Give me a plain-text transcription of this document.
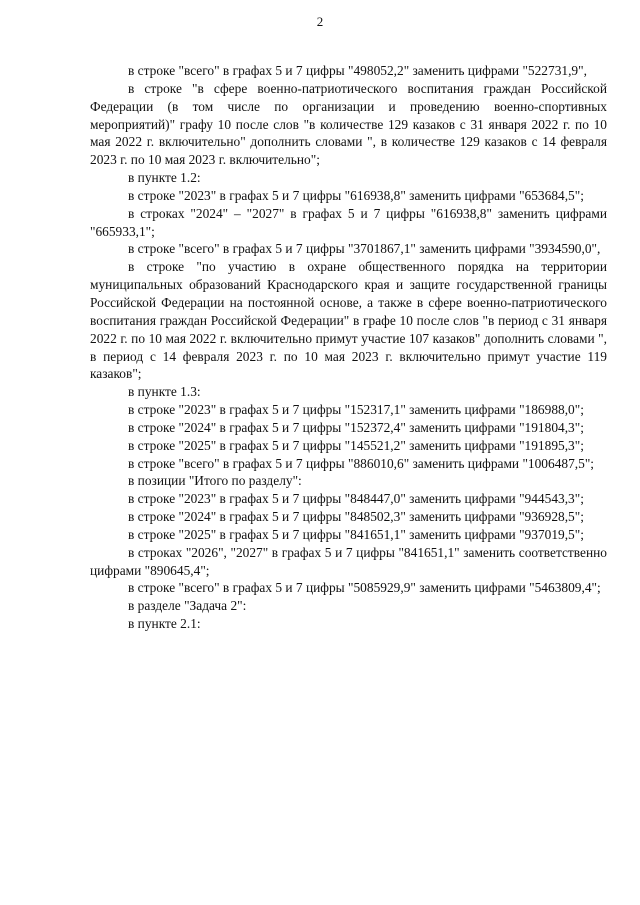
2

в строке "всего" в графах 5 и 7 цифры "498052,2" заменить цифрами "522731,9",

в строке "в сфере военно-патриотического воспитания граждан Российской Федерации (в том числе по организации и проведению военно-спортивных мероприятий)" графу 10 после слов "в количестве 129 казаков с 31 января 2022 г. по 10 мая 2022 г. включительно" дополнить словами ", в количестве 129 казаков с 14 февраля 2023 г. по 10 мая 2023 г. включительно";

в пункте 1.2:

в строке "2023" в графах 5 и 7 цифры "616938,8" заменить цифрами "653684,5";

в строках "2024" – "2027" в графах 5 и 7 цифры "616938,8" заменить цифрами "665933,1";

в строке "всего" в графах 5 и 7 цифры "3701867,1" заменить цифрами "3934590,0",

в строке "по участию в охране общественного порядка на территории муниципальных образований Краснодарского края и защите государственной границы Российской Федерации на постоянной основе, а также в сфере военно-патриотического воспитания граждан Российской Федерации" в графе 10 после слов "в период с 31 января 2022 г. по 10 мая 2022 г. включительно примут участие 107 казаков" дополнить словами ", в период с 14 февраля 2023 г. по 10 мая 2023 г. включительно примут участие 119 казаков";

в пункте 1.3:

в строке "2023" в графах 5 и 7 цифры "152317,1" заменить цифрами "186988,0";

в строке "2024" в графах 5 и 7 цифры "152372,4" заменить цифрами "191804,3";

в строке "2025" в графах 5 и 7 цифры "145521,2" заменить цифрами "191895,3";

в строке "всего" в графах 5 и 7 цифры "886010,6" заменить цифрами "1006487,5";

в позиции "Итого по разделу":

в строке "2023" в графах 5 и 7 цифры "848447,0" заменить цифрами "944543,3";

в строке "2024" в графах 5 и 7 цифры "848502,3" заменить цифрами "936928,5";

в строке "2025" в графах 5 и 7 цифры "841651,1" заменить цифрами "937019,5";

в строках "2026", "2027" в графах 5 и 7 цифры "841651,1" заменить соответственно цифрами "890645,4";

в строке "всего" в графах 5 и 7 цифры "5085929,9" заменить цифрами "5463809,4";

в разделе "Задача 2":

в пункте 2.1:
